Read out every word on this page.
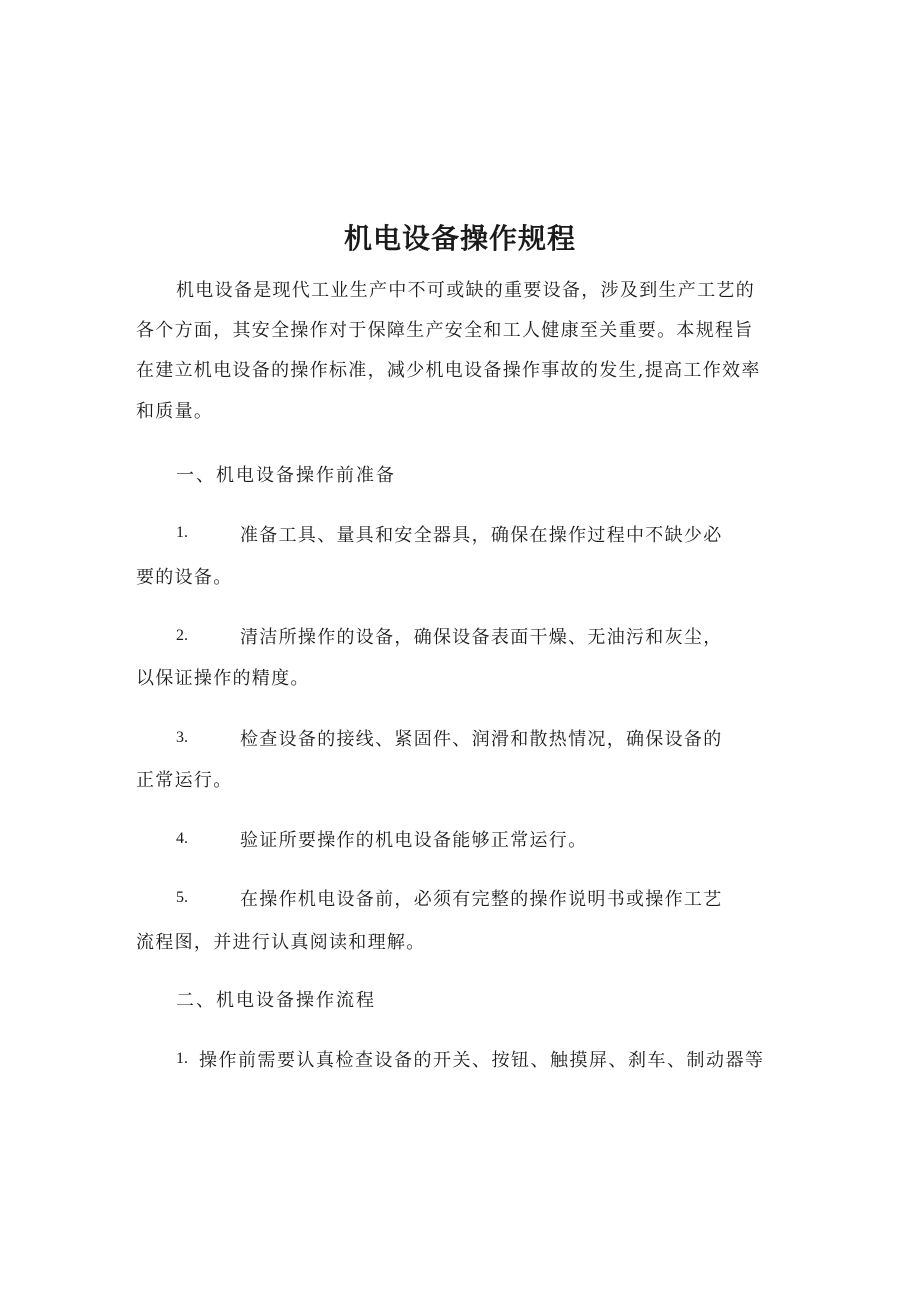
机电设备操作规程
机电设备是现代工业生产中不可或缺的重要设备，涉及到生产工艺的
各个方面，其安全操作对于保障生产安全和工人健康至关重要。本规程旨
在建立机电设备的操作标准，减少机电设备操作事故的发生,提高工作效率
和质量。
一、机电设备操作前准备
1.	准备工具、量具和安全器具，确保在操作过程中不缺少必
要的设备。
2.	清洁所操作的设备，确保设备表面干燥、无油污和灰尘，
以保证操作的精度。
3.	检查设备的接线、紧固件、润滑和散热情况，确保设备的
正常运行。
4.	验证所要操作的机电设备能够正常运行。
5.	在操作机电设备前，必须有完整的操作说明书或操作工艺
流程图，并进行认真阅读和理解。
二、机电设备操作流程
1. 操作前需要认真检查设备的开关、按钮、触摸屏、刹车、制动器等
